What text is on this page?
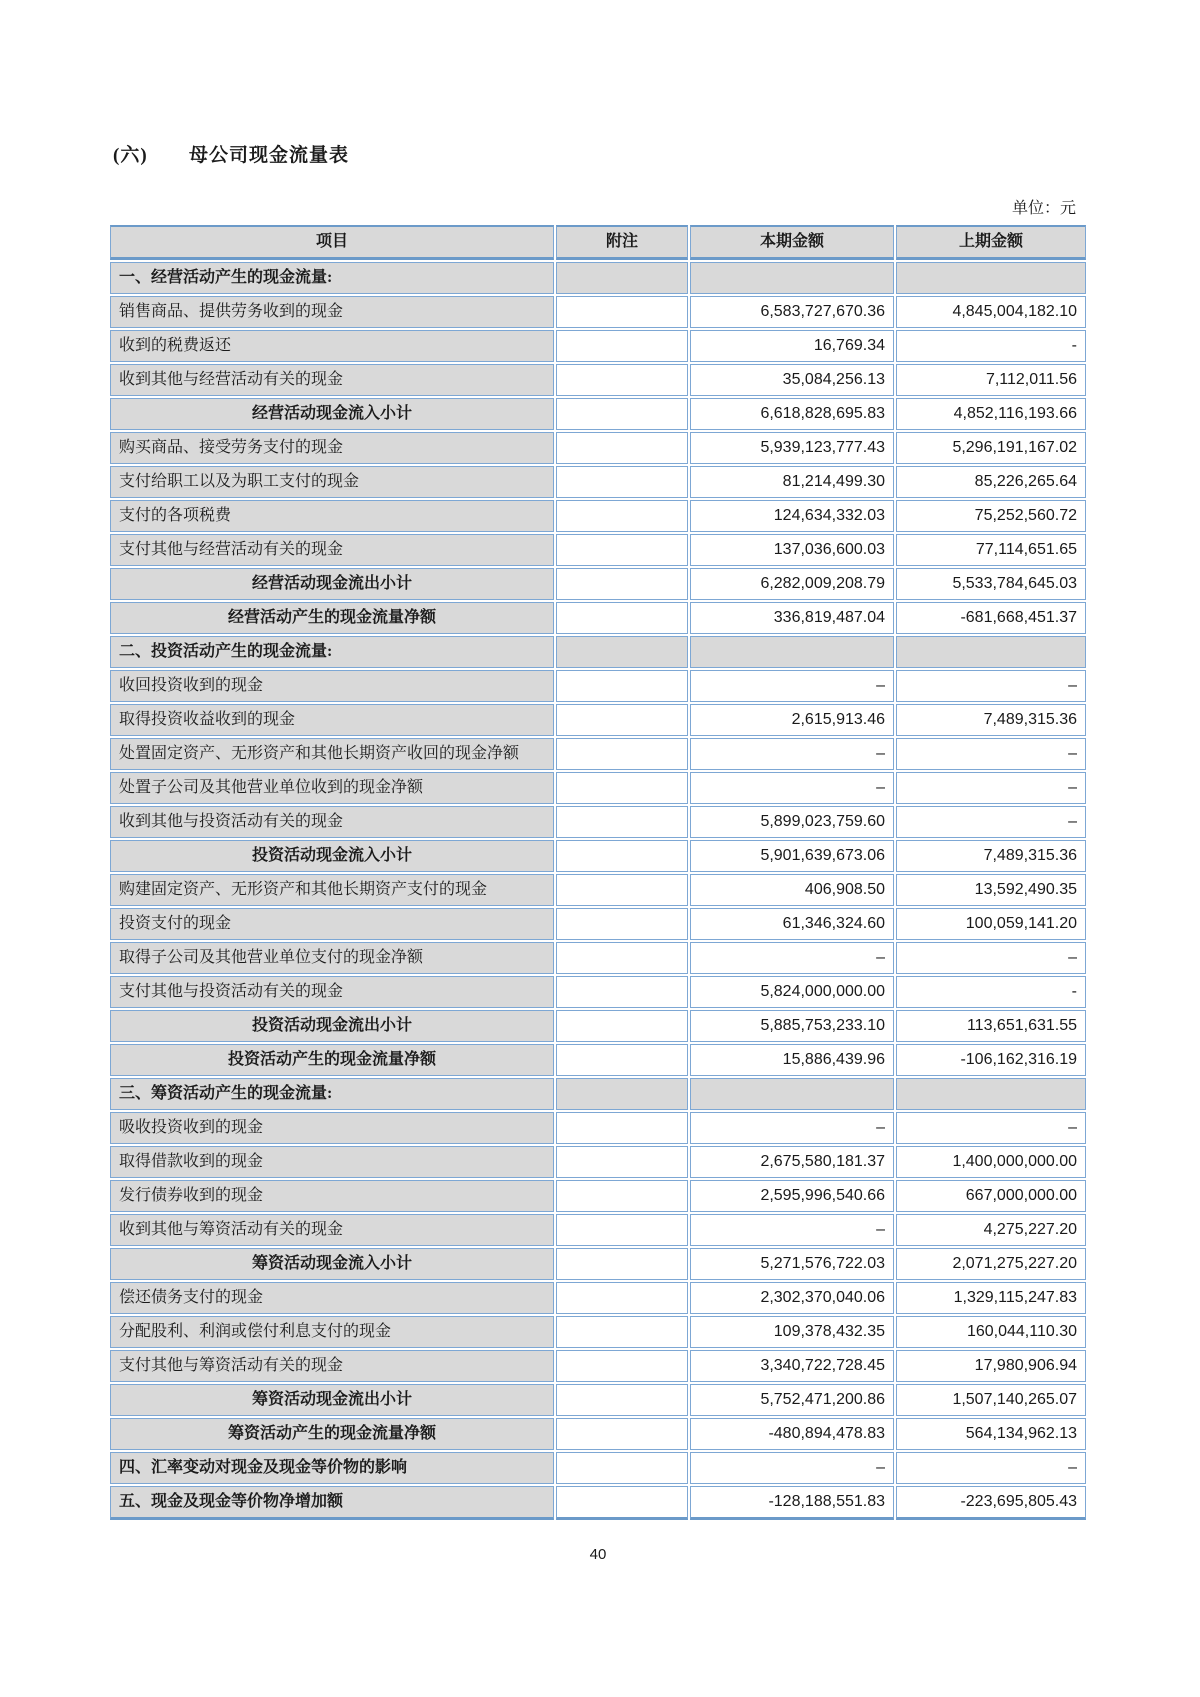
(六) 母公司现金流量表
单位：元
项目	附注	本期金额	上期金额
一、经营活动产生的现金流量:			
销售商品、提供劳务收到的现金		6,583,727,670.36	4,845,004,182.10
收到的税费返还		16,769.34	-
收到其他与经营活动有关的现金		35,084,256.13	7,112,011.56
经营活动现金流入小计		6,618,828,695.83	4,852,116,193.66
购买商品、接受劳务支付的现金		5,939,123,777.43	5,296,191,167.02
支付给职工以及为职工支付的现金		81,214,499.30	85,226,265.64
支付的各项税费		124,634,332.03	75,252,560.72
支付其他与经营活动有关的现金		137,036,600.03	77,114,651.65
经营活动现金流出小计		6,282,009,208.79	5,533,784,645.03
经营活动产生的现金流量净额		336,819,487.04	-681,668,451.37
二、投资活动产生的现金流量:			
收回投资收到的现金		–	–
取得投资收益收到的现金		2,615,913.46	7,489,315.36
处置固定资产、无形资产和其他长期资产收回的现金净额		–	–
处置子公司及其他营业单位收到的现金净额		–	–
收到其他与投资活动有关的现金		5,899,023,759.60	–
投资活动现金流入小计		5,901,639,673.06	7,489,315.36
购建固定资产、无形资产和其他长期资产支付的现金		406,908.50	13,592,490.35
投资支付的现金		61,346,324.60	100,059,141.20
取得子公司及其他营业单位支付的现金净额		–	–
支付其他与投资活动有关的现金		5,824,000,000.00	-
投资活动现金流出小计		5,885,753,233.10	113,651,631.55
投资活动产生的现金流量净额		15,886,439.96	-106,162,316.19
三、筹资活动产生的现金流量:			
吸收投资收到的现金		–	–
取得借款收到的现金		2,675,580,181.37	1,400,000,000.00
发行债券收到的现金		2,595,996,540.66	667,000,000.00
收到其他与筹资活动有关的现金		–	4,275,227.20
筹资活动现金流入小计		5,271,576,722.03	2,071,275,227.20
偿还债务支付的现金		2,302,370,040.06	1,329,115,247.83
分配股利、利润或偿付利息支付的现金		109,378,432.35	160,044,110.30
支付其他与筹资活动有关的现金		3,340,722,728.45	17,980,906.94
筹资活动现金流出小计		5,752,471,200.86	1,507,140,265.07
筹资活动产生的现金流量净额		-480,894,478.83	564,134,962.13
四、汇率变动对现金及现金等价物的影响		–	–
五、现金及现金等价物净增加额		-128,188,551.83	-223,695,805.43
40
